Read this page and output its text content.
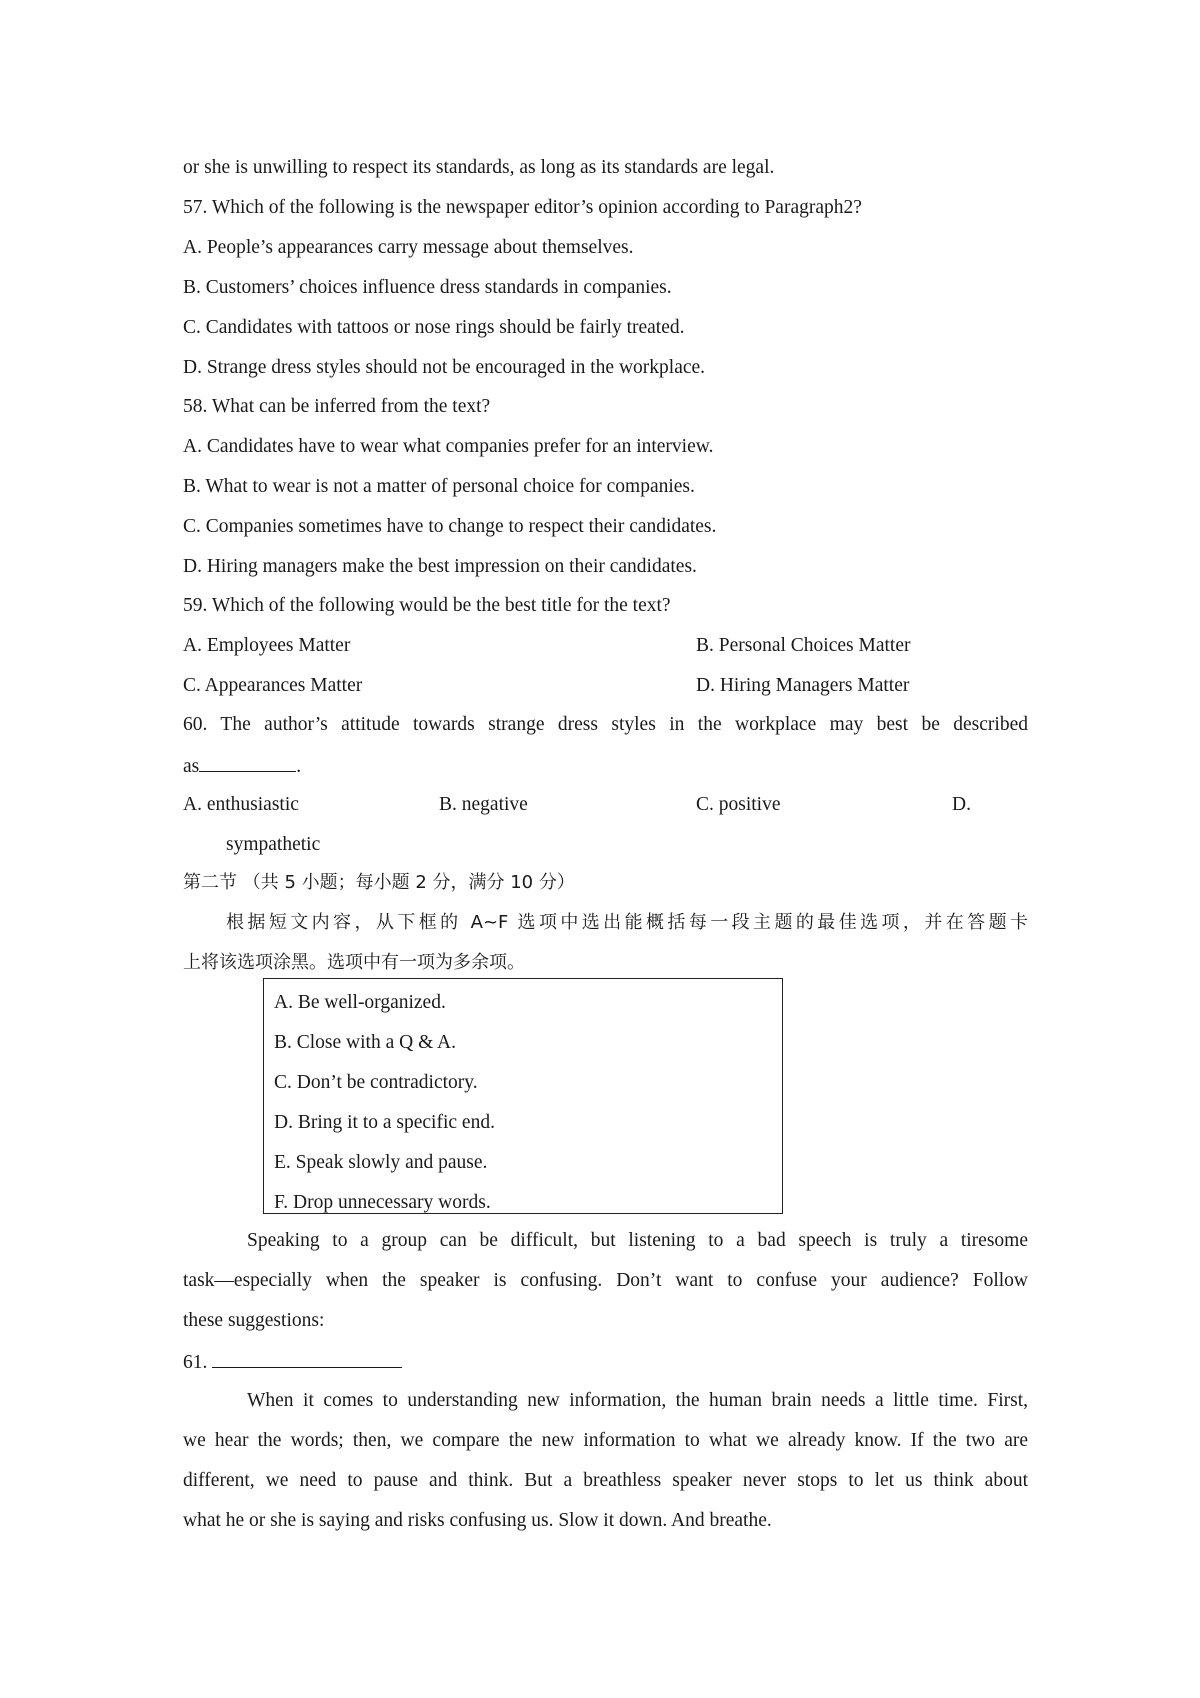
or she is unwilling to respect its standards, as long as its standards are legal.
57. Which of the following is the newspaper editor’s opinion according to Paragraph2?
A. People’s appearances carry message about themselves.
B. Customers’ choices influence dress standards in companies.
C. Candidates with tattoos or nose rings should be fairly treated.
D. Strange dress styles should not be encouraged in the workplace.
58. What can be inferred from the text?
A. Candidates have to wear what companies prefer for an interview.
B. What to wear is not a matter of personal choice for companies.
C. Companies sometimes have to change to respect their candidates.
D. Hiring managers make the best impression on their candidates.
59. Which of the following would be the best title for the text?
A. Employees Matter	B. Personal Choices Matter
C. Appearances Matter	D. Hiring Managers Matter
60. The author’s attitude towards strange dress styles in the workplace may best be described
as	.
A. enthusiastic	B. negative	C. positive	D.
sympathetic
第二节 （共 5 小题；每小题 2 分，满分 10 分）
根据短文内容，从下框的 A~F 选项中选出能概括每一段主题的最佳选项，并在答题卡
上将该选项涂黑。选项中有一项为多余项。
A. Be well-organized.
B. Close with a Q & A.
C. Don’t be contradictory.
D. Bring it to a specific end.
E. Speak slowly and pause.
F. Drop unnecessary words.
Speaking to a group can be difficult, but listening to a bad speech is truly a tiresome
task—especially when the speaker is confusing. Don’t want to confuse your audience? Follow
these suggestions:
61.
When it comes to understanding new information, the human brain needs a little time. First,
we hear the words; then, we compare the new information to what we already know. If the two are
different, we need to pause and think. But a breathless speaker never stops to let us think about
what he or she is saying and risks confusing us. Slow it down. And breathe.
